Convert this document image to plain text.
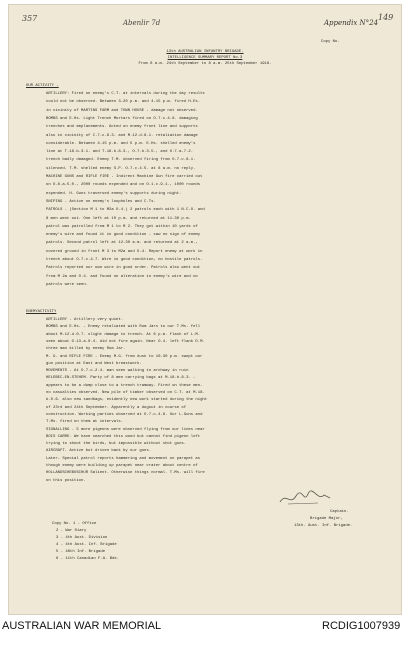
357	Abenlir 7d	Appendix N°24
149
Copy No.
13th AUSTRALIAN INFANTRY BRIGADE.
INTELLIGENCE SUMMARY REPORT No.3
From 8 a.m. 24th September to 8 a.m. 25th September 1918.
OUR ACTIVITY -
ARTILLERY: Fired on enemy's C.T. at intervals during the day results
could not be observed. Between 3-20 p.m. and 4-15 p.m. fired H.Es.
in vicinity of MARTINS FARM and TOWN HOUSE - damage not observed.
BOMBS and E.Hs. Light Trench Mortars fired on O.7.c.4.8. damaging
trenches and emplacements. Acted on enemy front line and supports
also in vicinity of C.7.c.9.3. and M.12.d.8.1. retaliation damage
considerable. Between 4-15 p.m. and 5 p.m. E.Hs. shelled enemy's
line at T.18.b.3.1. and T.18.b.8.3., O.7.b.3.5., and O.7.a.7.2.
trench badly damaged. Enemy T.M. observed firing from O.7.c.8.1.
silenced. T.M. shelled enemy S.P. O.7.c.4.5. at 8 a.m. no reply.
MACHINE GUNS and RIFLE FIRE - Indirect Machine Gun fire carried out
on O.8.a.5.0., 2000 rounds expended and on O.1.c.9.1., 1000 rounds
expended. H. Guns traversed enemy's supports during night.
SNIPING - Active on enemy's loopholes and C.Ts.
PATROLS - (Section M 1 to M2a O.4.) 2 patrols each with 1 N.C.O. and
8 men went out. One left at 10 p.m. and returned at 11-30 p.m.
patrol was patrolled from M 1 to M 2. They got within 10 yards of
enemy's wire and found it in good condition - saw no sign of enemy
patrols. Second patrol left at 12-30 a.m. and returned at 2 a.m.,
covered ground in front M 3 to M2a and O.4. Report enemy at work in
trench about O.7.c.4.7. Wire in good condition, no hostile patrols.
Patrols reported our own wire in good order. Patrols also went out
from M 2a and O.4. and found no alteration in enemy's wire and no
patrols were seen.
ENEMYACTIVITY
ARTILLERY - Artillery very quiet.
BOMBS and E.Hs. - Enemy retaliated with Rum Jars to our T.Ms. fell
about M.12.d.0.7. slight damage to trench. At 6 p.m. flash of L.M.
seen about O.13.a.0.4. did not fire again. Near O.4. left flank D.M.
three man killed by enemy Rum Jar.
M. G. and RIFLE FIRE - Enemy M.G. from dusk to 10-30 p.m. swept our
gun position at East and West breastwork.
MOVEMENTS - At O.7.c.2.4. man seen walking in archway in ruin
HELEBEC-EN-STEHEM. Party of 8 men carrying bags at M.18.b.8.3. -
appears to be a dump close to a trench tramway. Fired on these men-
no casualties observed. New pile of timber observed on C.T. at M.18.
b.0.6. also new sandbags, evidently new work started during the night
of 23rd and 24th September. Apparently a dugout in course of
construction. Working parties observed at O.7.c.4.8. Our L.Guns and
T.Ms. fired on them at intervals.
SIGNALLING - 5 more pigeons were observed flying from our lines near
BOIS CARRE. We have searched this wood but cannot find pigeon loft
trying to shoot the birds, but impossible without shot guns.
AIRCRAFT. Active but driven back by our guns.
Later- Special patrol reports hammering and movement on parapet as
though enemy were building up parapet near crater about centre of
HOLLANDSCHEBOSCHUR Salient. Otherwise things normal. T.Ms. will fire
on this position.
Captain.
Brigade Major,
13th. Aust. Inf. Brigade.
Copy No. 1 - Office
2 - War Diary
3 - 4th Aust. Division
4 - 4th Aust. Inf. Brigade
5 - 48th Inf. Brigade
6 - 11th Canadian F.A. Bde.
AUSTRALIAN WAR MEMORIAL	RCDIG1007939
